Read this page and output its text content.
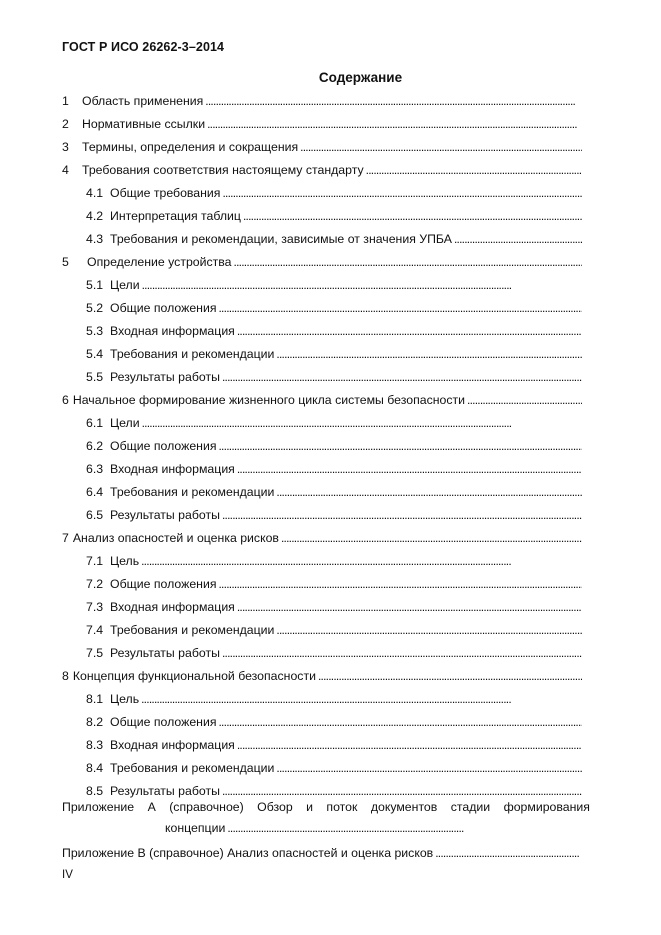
ГОСТ Р ИСО 26262-3–2014
Содержание
1	Область применения
. . .
2	Нормативные ссылки
. . .
3	Термины, определения и сокращения
. . .
4	Требования соответствия настоящему стандарту
. . .
4.1 Общие требования
. . .
4.2 Интерпретация таблиц
. . .
4.3 Требования и рекомендации, зависимые от значения УПБА
. . .
5	Определение устройства
. . .
5.1 Цели
. . .
5.2 Общие положения
. . .
5.3 Входная информация
. . .
5.4 Требования и рекомендации
. . .
5.5 Результаты работы
. . .
6 Начальное формирование жизненного цикла системы безопасности
. . .
6.1 Цели
. . .
6.2 Общие положения
. . .
6.3 Входная информация
. . .
6.4 Требования и рекомендации
. . .
6.5 Результаты работы
. . .
7 Анализ опасностей и оценка рисков
. . .
7.1 Цель
. . .
7.2 Общие положения
. . .
7.3 Входная информация
. . .
7.4 Требования и рекомендации
. . .
7.5 Результаты работы
. . .
8 Концепция функциональной безопасности
. . .
8.1 Цель
. . .
8.2 Общие положения
. . .
8.3 Входная информация
. . .
8.4 Требования и рекомендации
. . .
8.5 Результаты работы
. . .
Приложение А (справочное) Обзор и поток документов стадии формирования
концепции
. . .
Приложение В (справочное) Анализ опасностей и оценка рисков
. . .
IV
